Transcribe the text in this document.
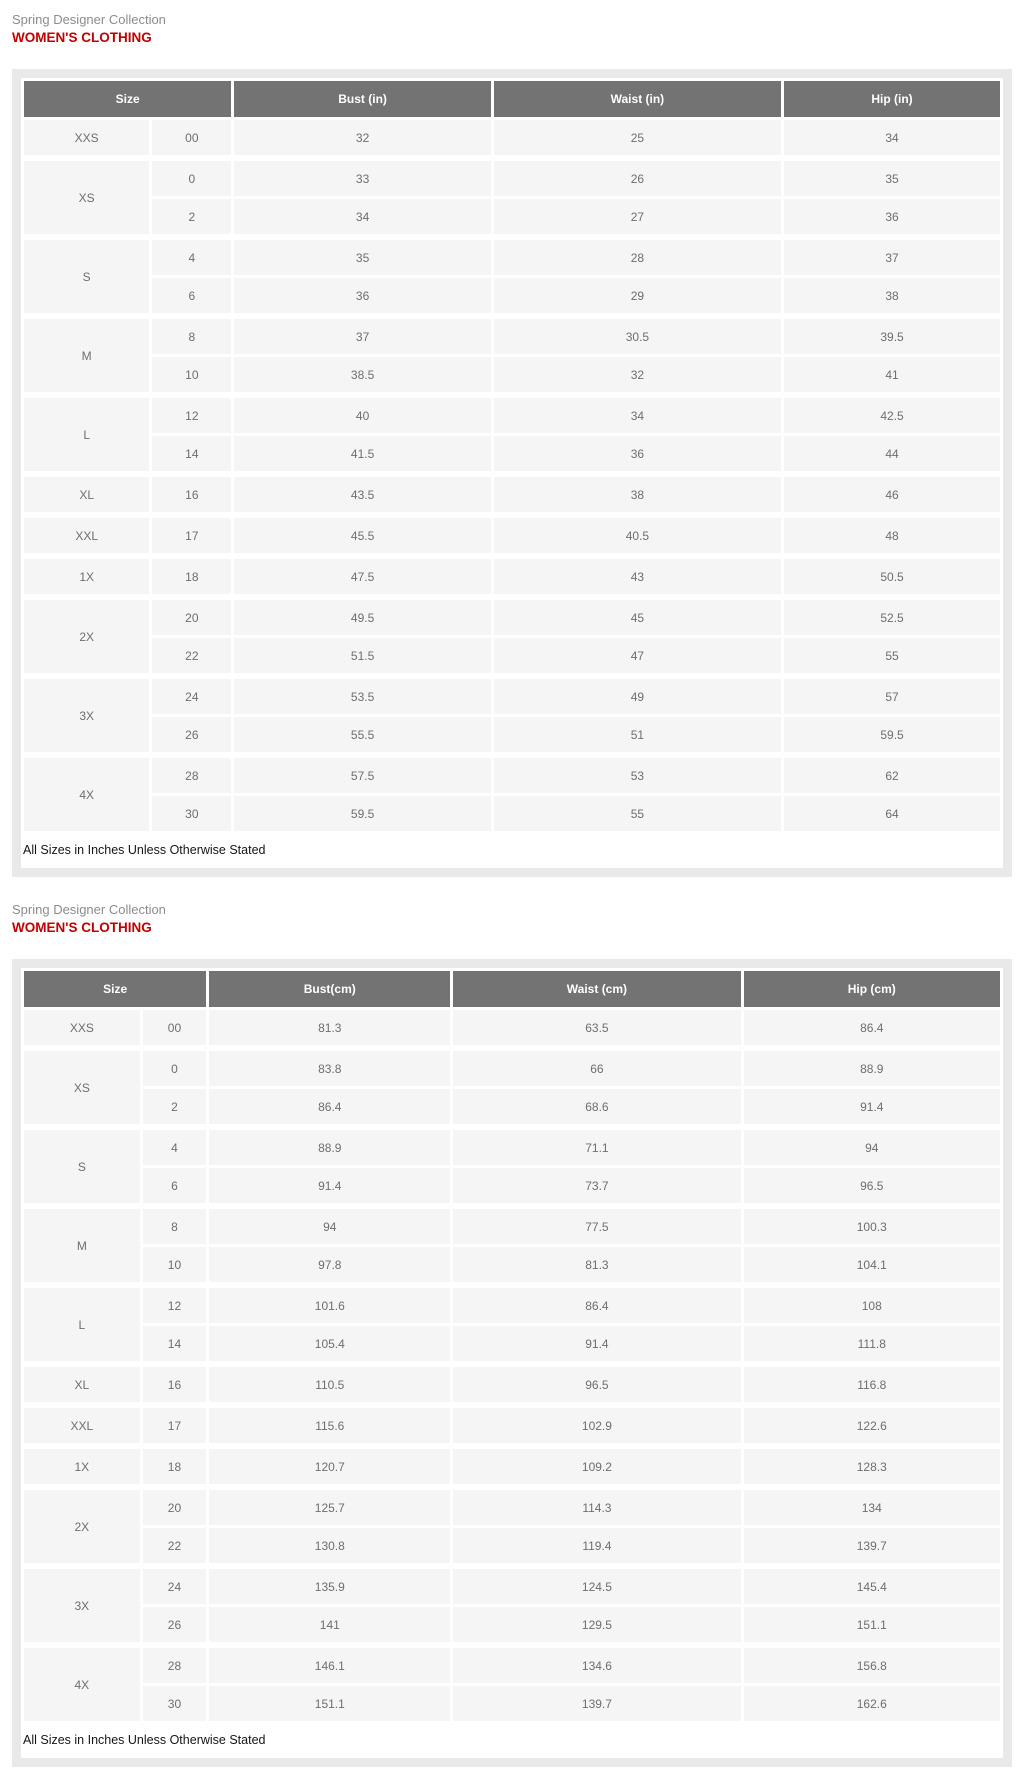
Spring Designer Collection
WOMEN'S CLOTHING
Size		Bust (in)	Waist (in)	Hip (in)
XXS	00	32	25	34
XS	0	33	26	35
	2	34	27	36
S	4	35	28	37
	6	36	29	38
M	8	37	30.5	39.5
	10	38.5	32	41
L	12	40	34	42.5
	14	41.5	36	44
XL	16	43.5	38	46
XXL	17	45.5	40.5	48
1X	18	47.5	43	50.5
2X	20	49.5	45	52.5
	22	51.5	47	55
3X	24	53.5	49	57
	26	55.5	51	59.5
4X	28	57.5	53	62
	30	59.5	55	64
All Sizes in Inches Unless Otherwise Stated
Spring Designer Collection
WOMEN'S CLOTHING
Size		Bust(cm)	Waist (cm)	Hip (cm)
XXS	00	81.3	63.5	86.4
XS	0	83.8	66	88.9
	2	86.4	68.6	91.4
S	4	88.9	71.1	94
	6	91.4	73.7	96.5
M	8	94	77.5	100.3
	10	97.8	81.3	104.1
L	12	101.6	86.4	108
	14	105.4	91.4	111.8
XL	16	110.5	96.5	116.8
XXL	17	115.6	102.9	122.6
1X	18	120.7	109.2	128.3
2X	20	125.7	114.3	134
	22	130.8	119.4	139.7
3X	24	135.9	124.5	145.4
	26	141	129.5	151.1
4X	28	146.1	134.6	156.8
	30	151.1	139.7	162.6
All Sizes in Inches Unless Otherwise Stated
